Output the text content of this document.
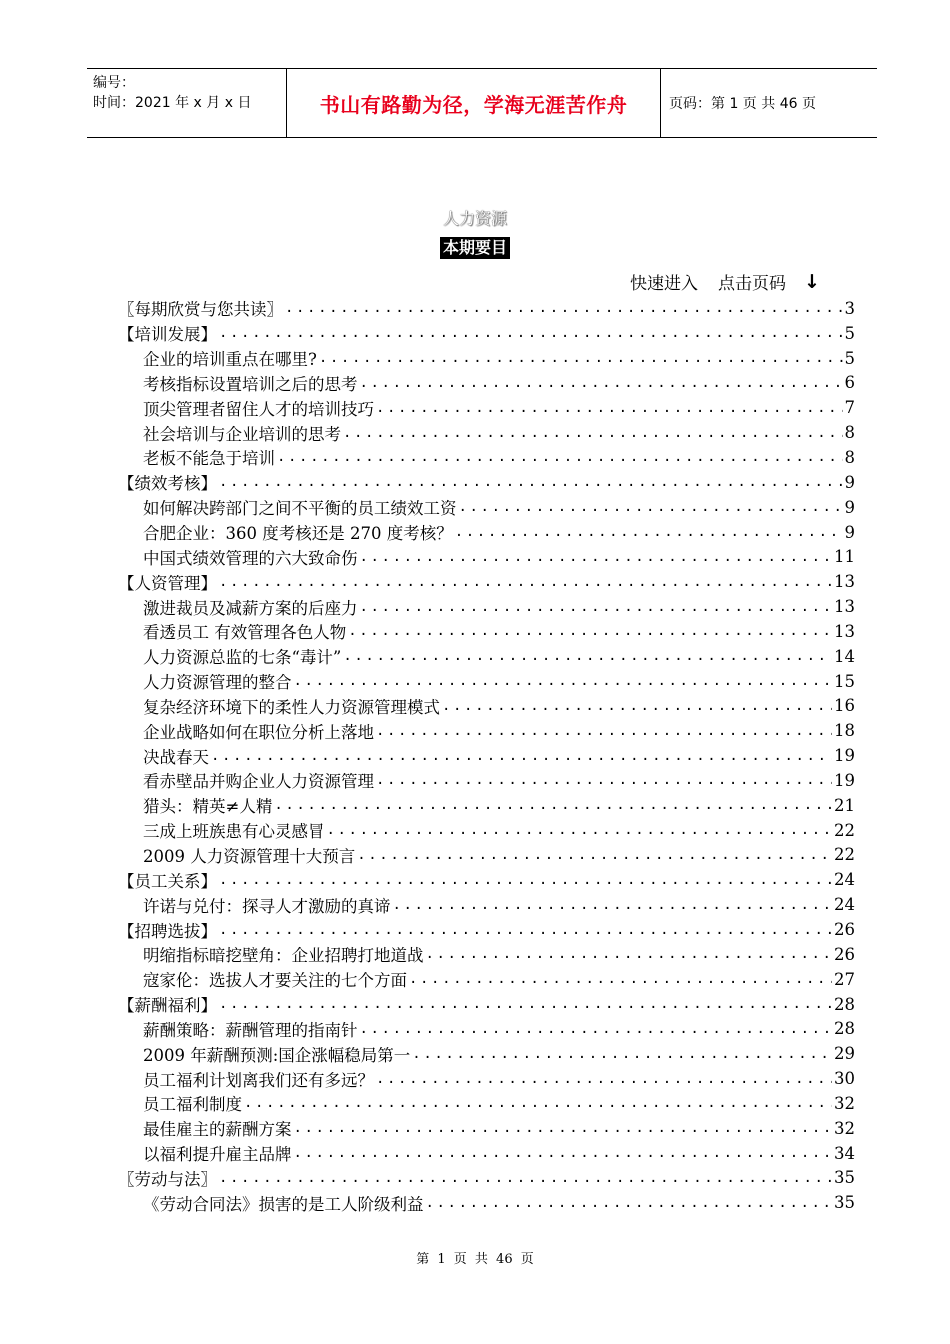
编号：
时间：2021 年 x 月 x 日	书山有路勤为径，学海无涯苦作舟	页码：第 1 页 共 46 页
人力资源
本期要目
快速进入 点击页码 ↓
〖每期欣赏与您共读〗 .....	3
【培训发展】 .....	5
企业的培训重点在哪里? .....	5
考核指标设置培训之后的思考 .....	6
顶尖管理者留住人才的培训技巧 .....	7
社会培训与企业培训的思考 .....	8
老板不能急于培训 .....	8
【绩效考核】 .....	9
如何解决跨部门之间不平衡的员工绩效工资 .....	9
合肥企业：360 度考核还是 270 度考核？ .....	9
中国式绩效管理的六大致命伤 .....	11
【人资管理】 .....	13
激进裁员及减薪方案的后座力 .....	13
看透员工 有效管理各色人物 .....	13
人力资源总监的七条“毒计” .....	14
人力资源管理的整合 .....	15
复杂经济环境下的柔性人力资源管理模式 .....	16
企业战略如何在职位分析上落地 .....	18
决战春天 .....	19
看赤壁品并购企业人力资源管理 .....	19
猎头：精英≠人精 .....	21
三成上班族患有心灵感冒 .....	22
2009 人力资源管理十大预言 .....	22
【员工关系】 .....	24
许诺与兑付：探寻人才激励的真谛 .....	24
【招聘选拔】 .....	26
明缩指标暗挖壁角：企业招聘打地道战 .....	26
寇家伦：选拔人才要关注的七个方面 .....	27
【薪酬福利】 .....	28
薪酬策略：薪酬管理的指南针 .....	28
2009 年薪酬预测:国企涨幅稳局第一 .....	29
员工福利计划离我们还有多远？ .....	30
员工福利制度 .....	32
最佳雇主的薪酬方案 .....	32
以福利提升雇主品牌 .....	34
〖劳动与法〗 .....	35
《劳动合同法》损害的是工人阶级利益 .....	35
第 1 页 共 46 页
